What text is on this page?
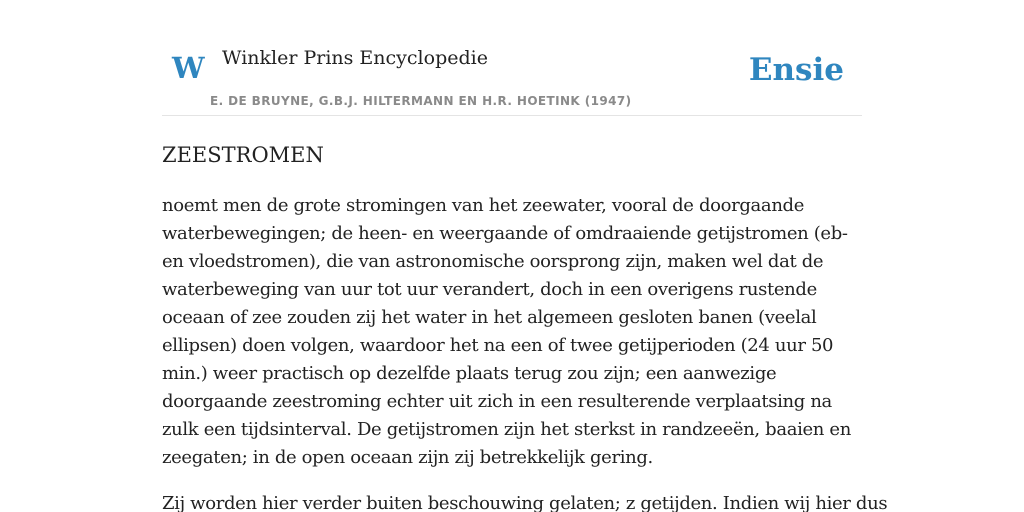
W Winkler Prins Encyclopedie
E. DE BRUYNE, G.B.J. HILTERMANN EN H.R. HOETINK (1947)
Ensie
ZEESTROMEN

noemt men de grote stromingen van het zeewater, vooral de doorgaande waterbewegingen; de heen- en weergaande of omdraaiende getijstromen (eb- en vloedstromen), die van astronomische oorsprong zijn, maken wel dat de waterbeweging van uur tot uur verandert, doch in een overigens rustende oceaan of zee zouden zij het water in het algemeen gesloten banen (veelal ellipsen) doen volgen, waardoor het na een of twee getijperioden (24 uur 50 min.) weer practisch op dezelfde plaats terug zou zijn; een aanwezige doorgaande zeestroming echter uit zich in een resulterende verplaatsing na zulk een tijdsinterval. De getijstromen zijn het sterkst in randzeeën, baaien en zeegaten; in de open oceaan zijn zij betrekkelijk gering.

Zij worden hier verder buiten beschouwing gelaten; z getijden. Indien wij hier dus
